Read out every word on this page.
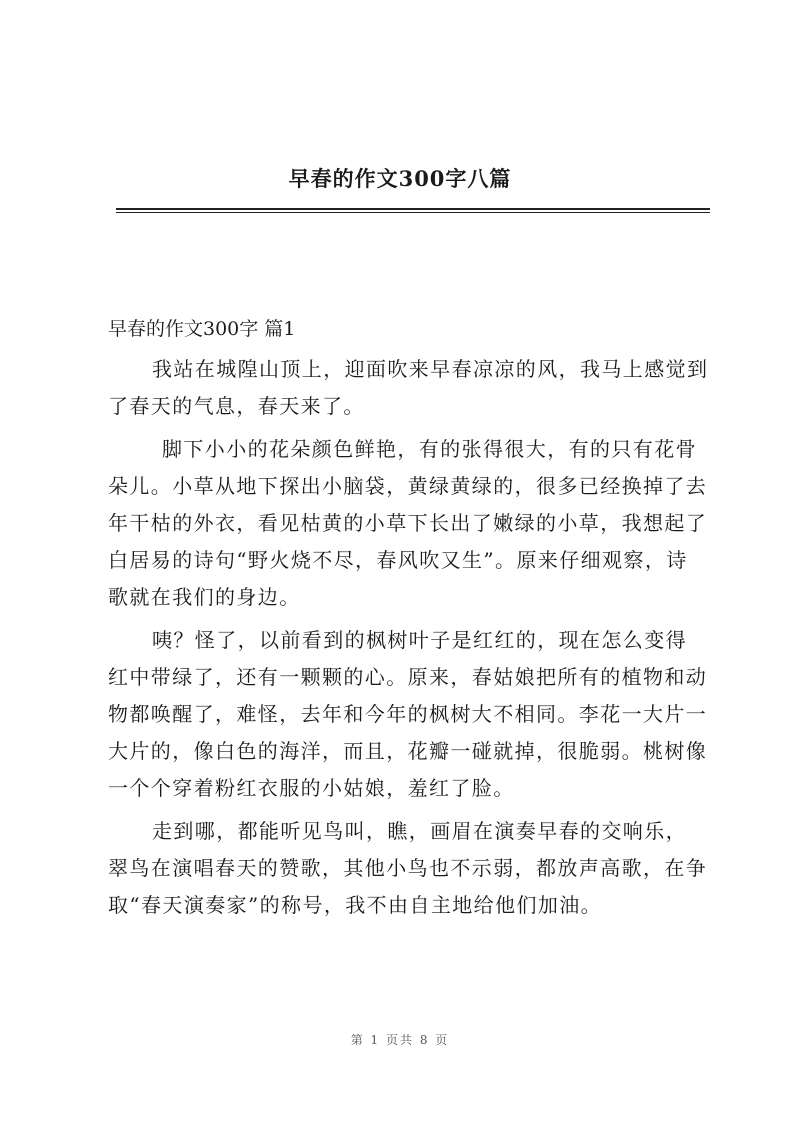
早春的作文300字八篇
早春的作文300字 篇1

我站在城隍山顶上，迎面吹来早春凉凉的风，我马上感觉到
了春天的气息，春天来了。

脚下小小的花朵颜色鲜艳，有的张得很大，有的只有花骨
朵儿。小草从地下探出小脑袋，黄绿黄绿的，很多已经换掉了去
年干枯的外衣，看见枯黄的小草下长出了嫩绿的小草，我想起了
白居易的诗句“野火烧不尽，春风吹又生”。原来仔细观察，诗
歌就在我们的身边。

咦？怪了，以前看到的枫树叶子是红红的，现在怎么变得
红中带绿了，还有一颗颗的心。原来，春姑娘把所有的植物和动
物都唤醒了，难怪，去年和今年的枫树大不相同。李花一大片一
大片的，像白色的海洋，而且，花瓣一碰就掉，很脆弱。桃树像
一个个穿着粉红衣服的小姑娘，羞红了脸。

走到哪，都能听见鸟叫，瞧，画眉在演奏早春的交响乐，
翠鸟在演唱春天的赞歌，其他小鸟也不示弱，都放声高歌，在争
取“春天演奏家”的称号，我不由自主地给他们加油。

第 1 页共 8 页
